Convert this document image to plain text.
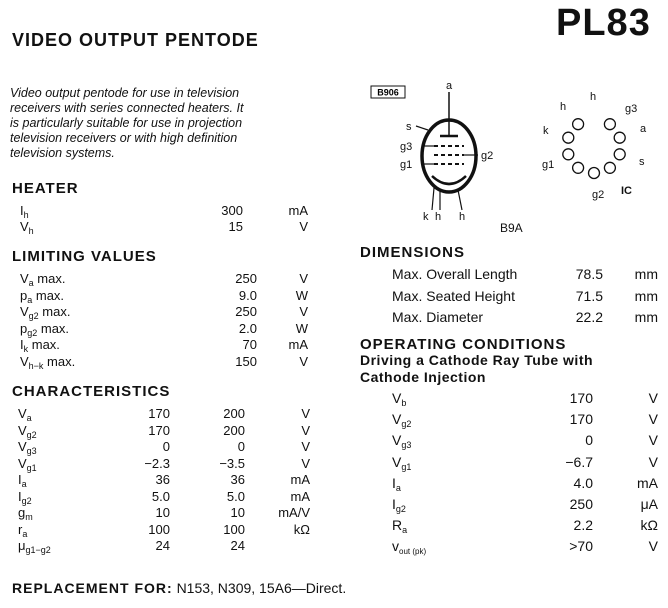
VIDEO OUTPUT PENTODE	PL83
Video output pentode for use in television
receivers with series connected heaters. It
is particularly suitable for use in projection
television receivers or with high definition
television systems.
HEATER
$I_h$	300	mA
$V_h$	15	V
LIMITING VALUES
$V_a$ max.	250	V
$p_a$ max.	9.0	W
$V_{g2}$ max.	250	V
$p_{g2}$ max.	2.0	W
$I_k$ max.	70	mA
$V_{h-k}$ max.	150	V
CHARACTERISTICS
$V_a$	170	200	V
$V_{g2}$	170	200	V
$V_{g3}$	0	0	V
$V_{g1}$	−2.3	−3.5	V
$I_a$	36	36	mA
$I_{g2}$	5.0	5.0	mA
$g_m$	10	10	mA/V
$r_a$	100	100	kΩ
$\mu_{g1-g2}$	24	24
REPLACEMENT FOR: N153, N309, 15A6—Direct.
B906
a
s
g3
g1
g2
k h h
B9A
h
h
g3
a
s
g2
g1
k
IC
DIMENSIONS
Max. Overall Length	78.5	mm
Max. Seated Height	71.5	mm
Max. Diameter	22.2	mm
OPERATING CONDITIONS
Driving a Cathode Ray Tube with
Cathode Injection
$V_b$	170	V
$V_{g2}$	170	V
$V_{g3}$	0	V
$V_{g1}$	−6.7	V
$I_a$	4.0	mA
$I_{g2}$	250	μA
$R_a$	2.2	kΩ
$v_{out (pk)}$	>70	V
